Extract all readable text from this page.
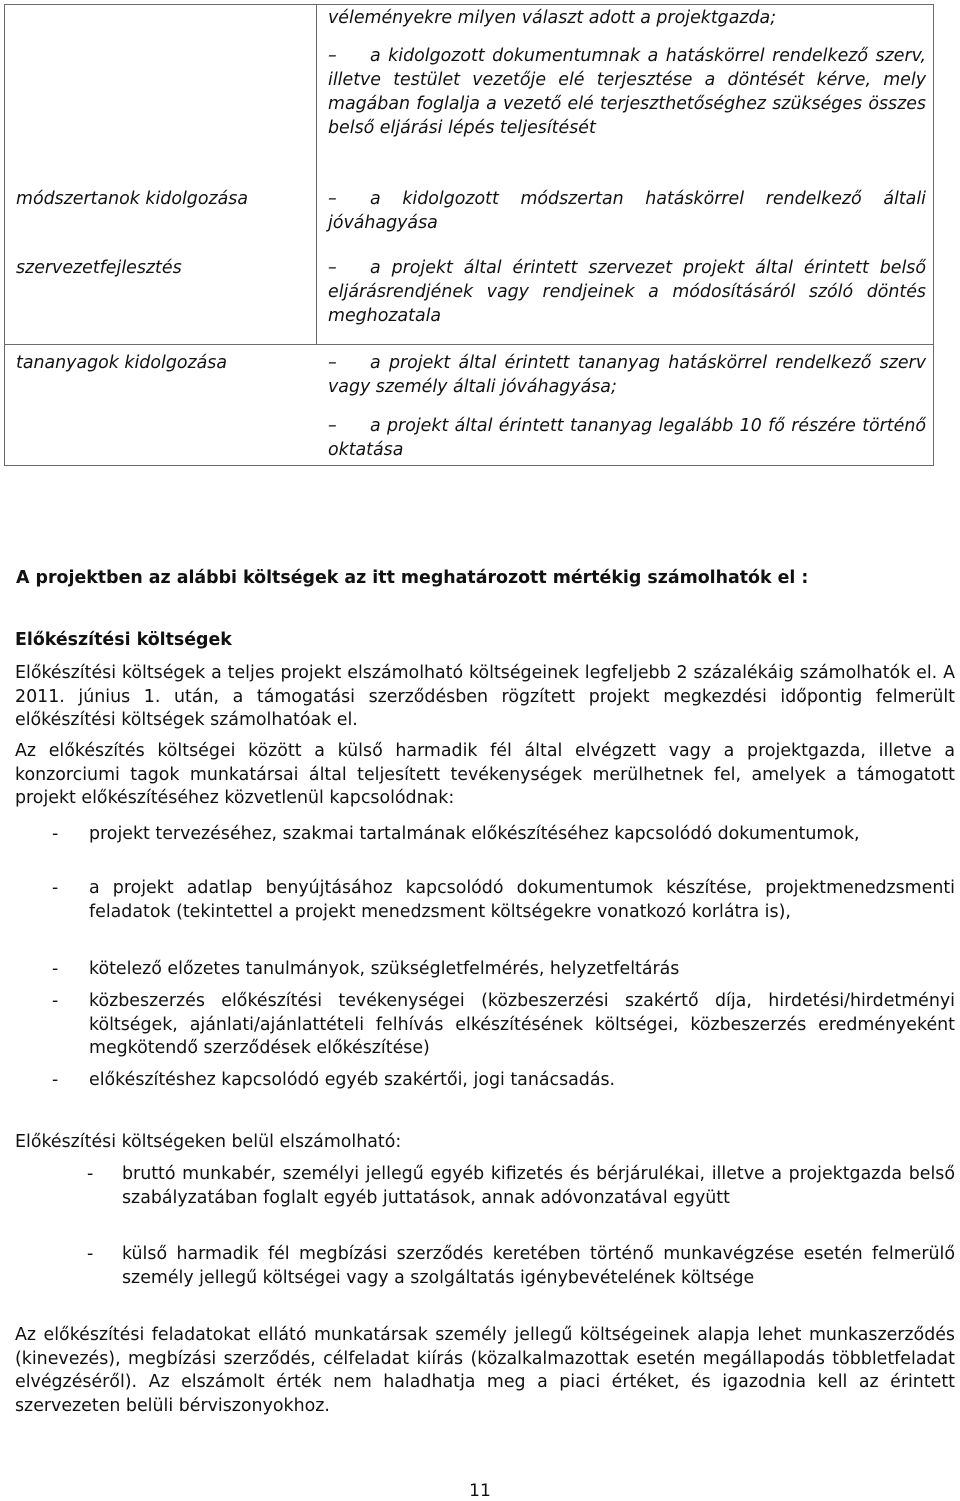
véleményekre milyen választ adott a projektgazda;
– a kidolgozott dokumentumnak a hatáskörrel rendelkező szerv, illetve testület vezetője elé terjesztése a döntését kérve, mely magában foglalja a vezető elé terjeszthetőséghez szükséges összes belső eljárási lépés teljesítését
módszertanok kidolgozása	– a kidolgozott módszertan hatáskörrel rendelkező általi jóváhagyása
szervezetfejlesztés	– a projekt által érintett szervezet projekt által érintett belső eljárásrendjének vagy rendjeinek a módosításáról szóló döntés meghozatala
tananyagok kidolgozása	– a projekt által érintett tananyag hatáskörrel rendelkező szerv vagy személy általi jóváhagyása;
– a projekt által érintett tananyag legalább 10 fő részére történő oktatása
A projektben az alábbi költségek az itt meghatározott mértékig számolhatók el :
Előkészítési költségek
Előkészítési költségek a teljes projekt elszámolható költségeinek legfeljebb 2 százalékáig számolhatók el. A 2011. június 1. után, a támogatási szerződésben rögzített projekt megkezdési időpontig felmerült előkészítési költségek számolhatóak el.
Az előkészítés költségei között a külső harmadik fél által elvégzett vagy a projektgazda, illetve a konzorciumi tagok munkatársai által teljesített tevékenységek merülhetnek fel, amelyek a támogatott projekt előkészítéséhez közvetlenül kapcsolódnak:
- projekt tervezéséhez, szakmai tartalmának előkészítéséhez kapcsolódó dokumentumok,
- a projekt adatlap benyújtásához kapcsolódó dokumentumok készítése, projektmenedzsmenti feladatok (tekintettel a projekt menedzsment költségekre vonatkozó korlátra is),
- kötelező előzetes tanulmányok, szükségletfelmérés, helyzetfeltárás
- közbeszerzés előkészítési tevékenységei (közbeszerzési szakértő díja, hirdetési/hirdetményi költségek, ajánlati/ajánlattételi felhívás elkészítésének költségei, közbeszerzés eredményeként megkötendő szerződések előkészítése)
- előkészítéshez kapcsolódó egyéb szakértői, jogi tanácsadás.
Előkészítési költségeken belül elszámolható:
- bruttó munkabér, személyi jellegű egyéb kifizetés és bérjárulékai, illetve a projektgazda belső szabályzatában foglalt egyéb juttatások, annak adóvonzatával együtt
- külső harmadik fél megbízási szerződés keretében történő munkavégzése esetén felmerülő személy jellegű költségei vagy a szolgáltatás igénybevételének költsége
Az előkészítési feladatokat ellátó munkatársak személy jellegű költségeinek alapja lehet munkaszerződés (kinevezés), megbízási szerződés, célfeladat kiírás (közalkalmazottak esetén megállapodás többletfeladat elvégzéséről). Az elszámolt érték nem haladhatja meg a piaci értéket, és igazodnia kell az érintett szervezeten belüli bérviszonyokhoz.
11
